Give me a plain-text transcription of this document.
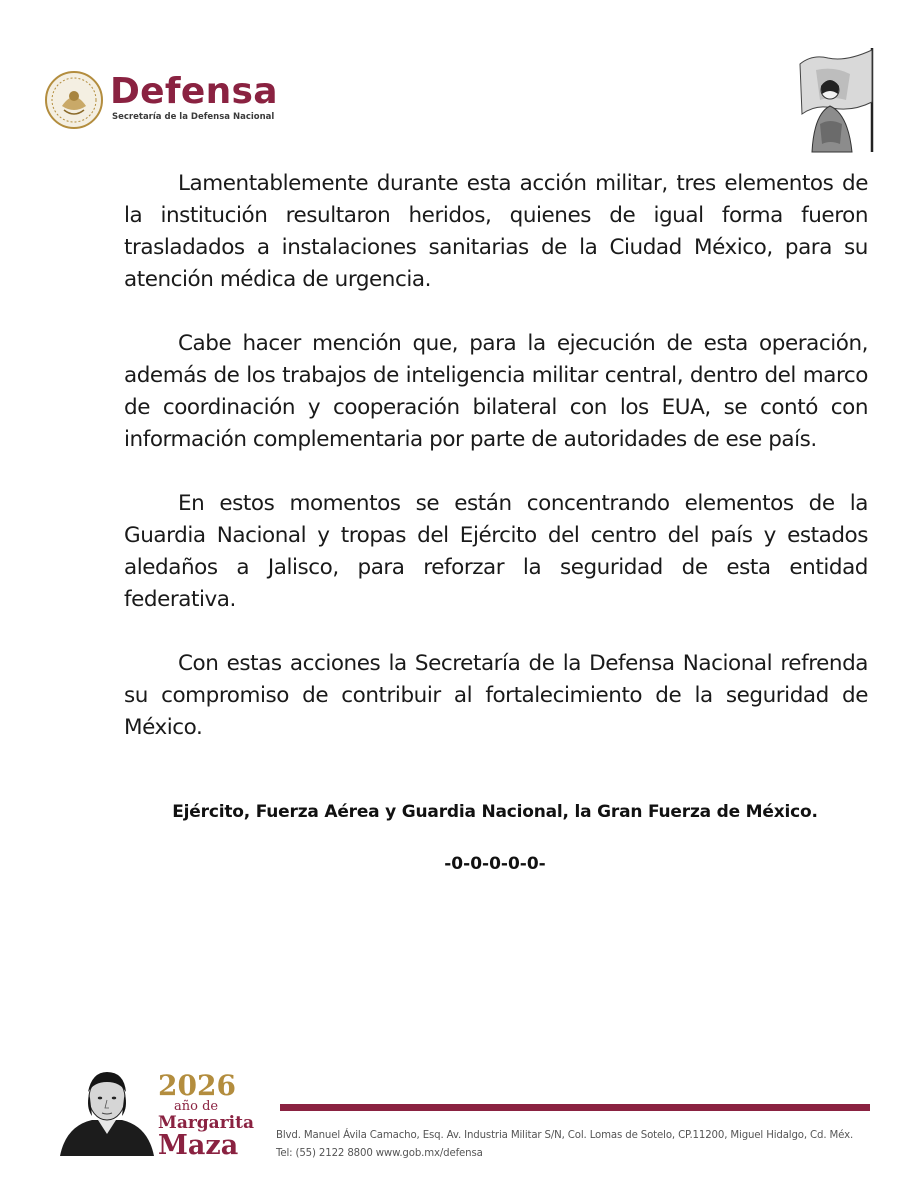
Defensa
Secretaría de la Defensa Nacional

Lamentablemente durante esta acción militar, tres elementos de la institución resultaron heridos, quienes de igual forma fueron trasladados a instalaciones sanitarias de la Ciudad México, para su atención médica de urgencia.

Cabe hacer mención que, para la ejecución de esta operación, además de los trabajos de inteligencia militar central, dentro del marco de coordinación y cooperación bilateral con los EUA, se contó con información complementaria por parte de autoridades de ese país.

En estos momentos se están concentrando elementos de la Guardia Nacional y tropas del Ejército del centro del país y estados aledaños a Jalisco, para reforzar la seguridad de esta entidad federativa.

Con estas acciones la Secretaría de la Defensa Nacional refrenda su compromiso de contribuir al fortalecimiento de la seguridad de México.

Ejército, Fuerza Aérea y Guardia Nacional, la Gran Fuerza de México.
-0-0-0-0-0-
2026
año de
Margarita
Maza	Blvd. Manuel Ávila Camacho, Esq. Av. Industria Militar S/N, Col. Lomas de Sotelo, CP.11200, Miguel Hidalgo, Cd. Méx.
Tel: (55) 2122 8800 www.gob.mx/defensa
